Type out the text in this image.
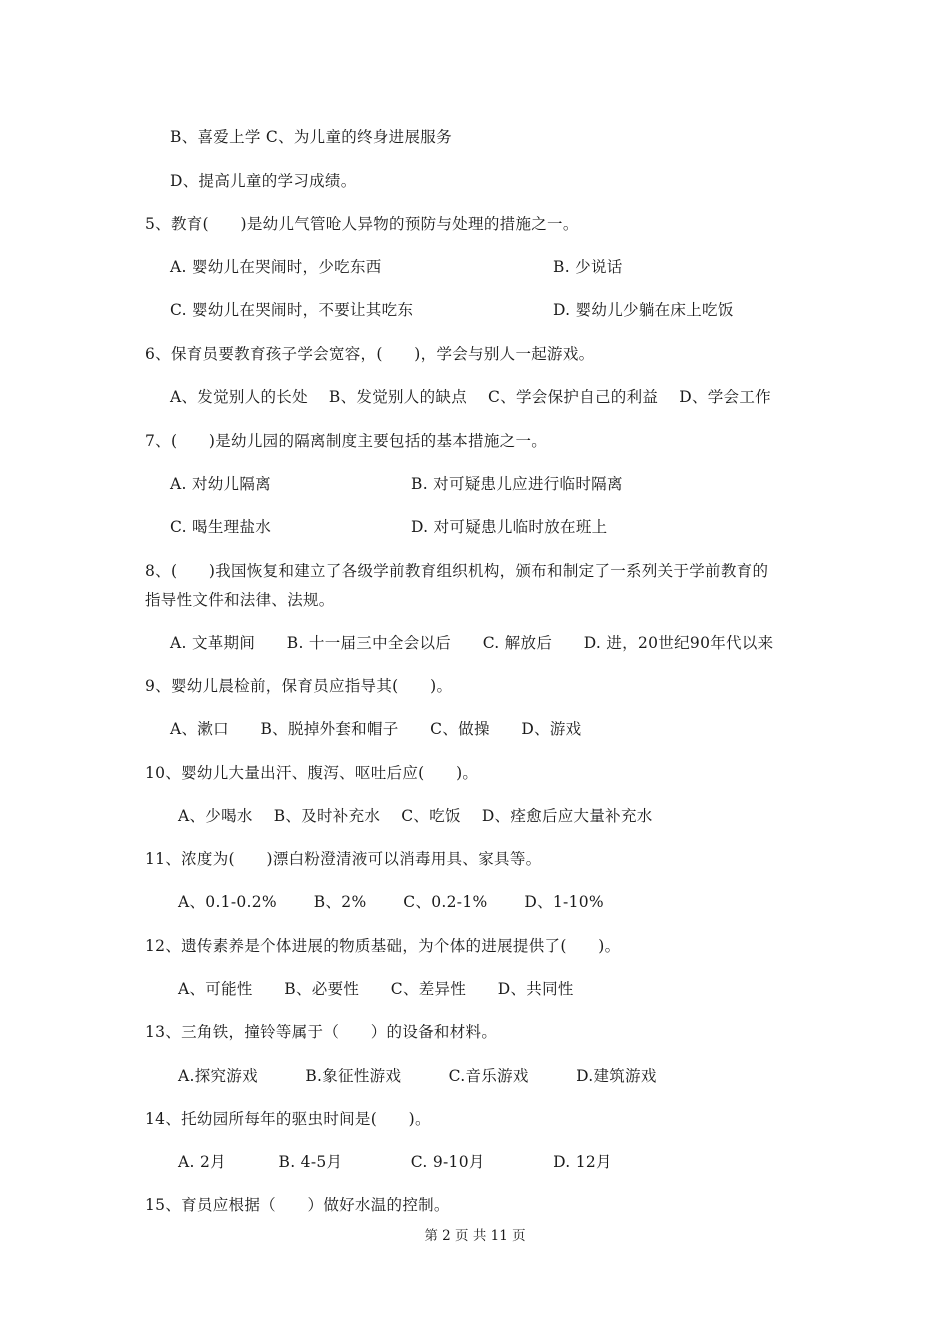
B、喜爱上学 C、为儿童的终身进展服务
D、提高儿童的学习成绩。
5、教育(　　)是幼儿气管呛人异物的预防与处理的措施之一。
A. 婴幼儿在哭闹时，少吃东西	B. 少说话
C. 婴幼儿在哭闹时，不要让其吃东	D. 婴幼儿少躺在床上吃饭
6、保育员要教育孩子学会宽容，(　　)，学会与别人一起游戏。
A、发觉别人的长处　 B、发觉别人的缺点　 C、学会保护自己的利益　 D、学会工作
7、(　　)是幼儿园的隔离制度主要包括的基本措施之一。
A. 对幼儿隔离	B. 对可疑患儿应进行临时隔离
C. 喝生理盐水	D. 对可疑患儿临时放在班上
8、(　　)我国恢复和建立了各级学前教育组织机构，颁布和制定了一系列关于学前教育的
指导性文件和法律、法规。
A. 文革期间　　B. 十一届三中全会以后　　C. 解放后　　D. 进，20世纪90年代以来
9、婴幼儿晨检前，保育员应指导其(　　)。
A、漱口　　B、脱掉外套和帽子　　C、做操　　D、游戏
10、婴幼儿大量出汗、腹泻、呕吐后应(　　)。
A、少喝水　 B、及时补充水　 C、吃饭　 D、痊愈后应大量补充水
11、浓度为(　　)漂白粉澄清液可以消毒用具、家具等。
A、0.1-0.2%　　 B、2%　　 C、0.2-1%　　 D、1-10%
12、遗传素养是个体进展的物质基础，为个体的进展提供了(　　)。
A、可能性　　B、必要性　　C、差异性　　D、共同性
13、三角铁，撞铃等属于（　　）的设备和材料。
A.探究游戏　　　B.象征性游戏　　　C.音乐游戏　　　D.建筑游戏
14、托幼园所每年的驱虫时间是(　　)。
A. 2月　　　 B. 4-5月　　　　 C. 9-10月　　　　 D. 12月
15、育员应根据（　　）做好水温的控制。
第 2 页 共 11 页
